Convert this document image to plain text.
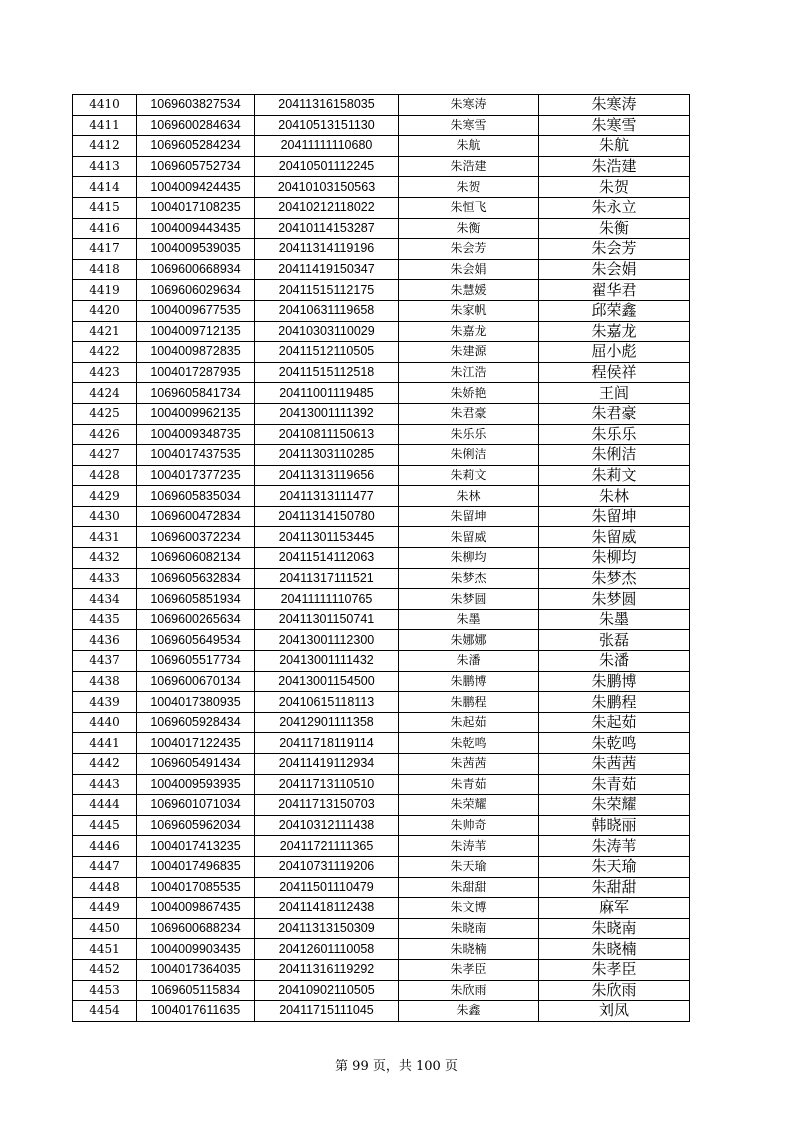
4410	1069603827534	20411316158035	朱寒涛	朱寒涛
4411	1069600284634	20410513151130	朱寒雪	朱寒雪
4412	1069605284234	20411111110680	朱航	朱航
4413	1069605752734	20410501112245	朱浩建	朱浩建
4414	1004009424435	20410103150563	朱贺	朱贺
4415	1004017108235	20410212118022	朱恒飞	朱永立
4416	1004009443435	20410114153287	朱衡	朱衡
4417	1004009539035	20411314119196	朱会芳	朱会芳
4418	1069600668934	20411419150347	朱会娟	朱会娟
4419	1069606029634	20411515112175	朱慧媛	翟华君
4420	1004009677535	20410631119658	朱家帆	邱荣鑫
4421	1004009712135	20410303110029	朱嘉龙	朱嘉龙
4422	1004009872835	20411512110505	朱建源	屈小彪
4423	1004017287935	20411515112518	朱江浩	程侯祥
4424	1069605841734	20411001119485	朱娇艳	王闾
4425	1004009962135	20413001111392	朱君豪	朱君豪
4426	1004009348735	20410811150613	朱乐乐	朱乐乐
4427	1004017437535	20411303110285	朱俐洁	朱俐洁
4428	1004017377235	20411313119656	朱莉文	朱莉文
4429	1069605835034	20411313111477	朱林	朱林
4430	1069600472834	20411314150780	朱留坤	朱留坤
4431	1069600372234	20411301153445	朱留威	朱留威
4432	1069606082134	20411514112063	朱柳均	朱柳均
4433	1069605632834	20411317111521	朱梦杰	朱梦杰
4434	1069605851934	20411111110765	朱梦圆	朱梦圆
4435	1069600265634	20411301150741	朱墨	朱墨
4436	1069605649534	20413001112300	朱娜娜	张磊
4437	1069605517734	20413001111432	朱潘	朱潘
4438	1069600670134	20413001154500	朱鹏博	朱鹏博
4439	1004017380935	20410615118113	朱鹏程	朱鹏程
4440	1069605928434	20412901111358	朱起茹	朱起茹
4441	1004017122435	20411718119114	朱乾鸣	朱乾鸣
4442	1069605491434	20411419112934	朱茜茜	朱茜茜
4443	1004009593935	20411713110510	朱青茹	朱青茹
4444	1069601071034	20411713150703	朱荣耀	朱荣耀
4445	1069605962034	20410312111438	朱帅奇	韩晓丽
4446	1004017413235	20411721111365	朱涛苇	朱涛苇
4447	1004017496835	20410731119206	朱天瑜	朱天瑜
4448	1004017085535	20411501110479	朱甜甜	朱甜甜
4449	1004009867435	20411418112438	朱文博	麻军
4450	1069600688234	20411313150309	朱晓南	朱晓南
4451	1004009903435	20412601110058	朱晓楠	朱晓楠
4452	1004017364035	20411316119292	朱孝臣	朱孝臣
4453	1069605115834	20410902110505	朱欣雨	朱欣雨
4454	1004017611635	20411715111045	朱鑫	刘凤
第 99 页，共 100 页
